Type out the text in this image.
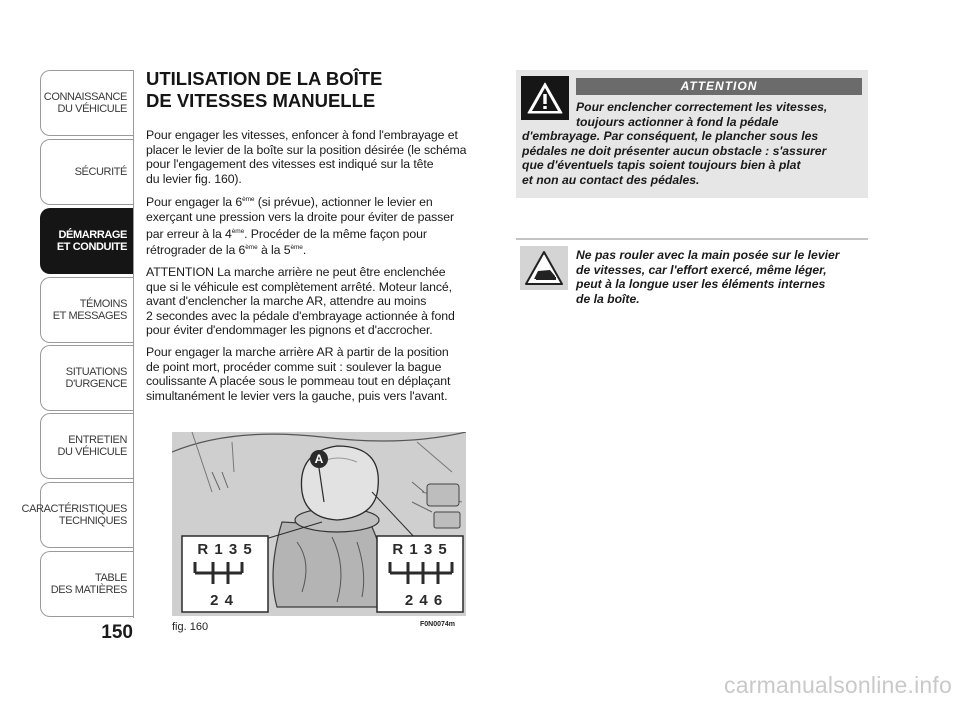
CONNAISSANCE
DU VÉHICULE
SÉCURITÉ
DÉMARRAGE
ET CONDUITE
TÉMOINS
ET MESSAGES
SITUATIONS
D'URGENCE
ENTRETIEN
DU VÉHICULE
CARACTÉRISTIQUES
TECHNIQUES
TABLE
DES MATIÈRES
150
UTILISATION DE LA BOÎTE
DE VITESSES MANUELLE

Pour engager les vitesses, enfoncer à fond l'embrayage et
placer le levier de la boîte sur la position désirée (le schéma
pour l'engagement des vitesses est indiqué sur la tête
du levier fig. 160).

Pour engager la 6ème (si prévue), actionner le levier en
exerçant une pression vers la droite pour éviter de passer
par erreur à la 4ème. Procéder de la même façon pour
rétrograder de la 6ème à la 5ème.

ATTENTION La marche arrière ne peut être enclenchée
que si le véhicule est complètement arrêté. Moteur lancé,
avant d'enclencher la marche AR, attendre au moins
2 secondes avec la pédale d'embrayage actionnée à fond
pour éviter d'endommager les pignons et d'accrocher.

Pour engager la marche arrière AR à partir de la position
de point mort, procéder comme suit : soulever la bague
coulissante A placée sous le pommeau tout en déplaçant
simultanément le levier vers la gauche, puis vers l'avant.

A
R 1 3 5
2 4
R 1 3 5
2 4 6
fig. 160	F0N0074m
ATTENTION
Pour enclencher correctement les vitesses,
toujours actionner à fond la pédale
d'embrayage. Par conséquent, le plancher sous les
pédales ne doit présenter aucun obstacle : s'assurer
que d'éventuels tapis soient toujours bien à plat
et non au contact des pédales.
Ne pas rouler avec la main posée sur le levier
de vitesses, car l'effort exercé, même léger,
peut à la longue user les éléments internes
de la boîte.
carmanualsonline.info
